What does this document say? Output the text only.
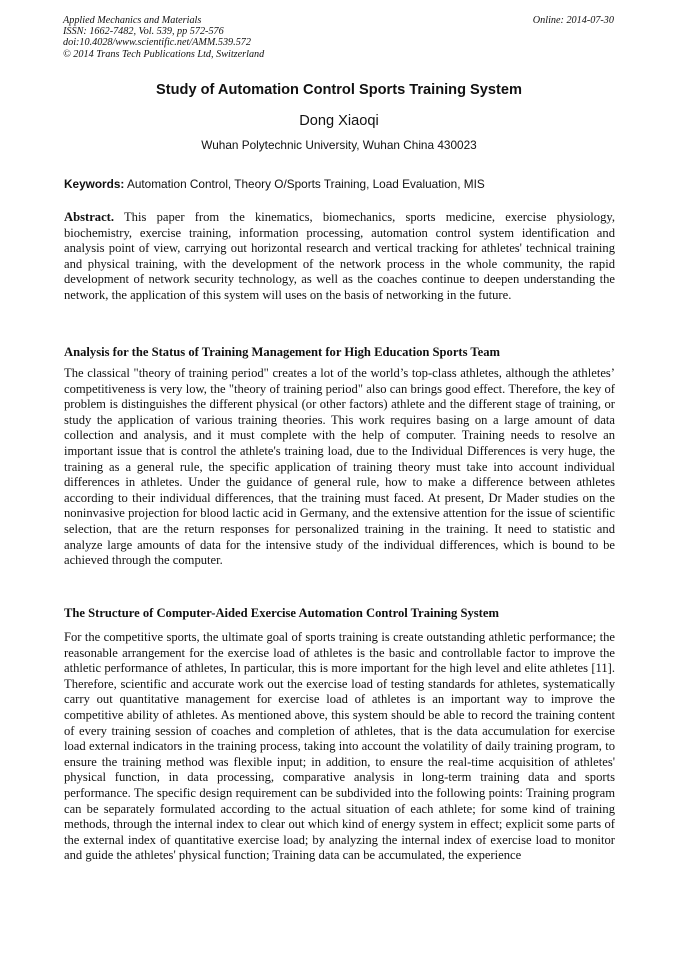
Applied Mechanics and Materials
ISSN: 1662-7482, Vol. 539, pp 572-576
doi:10.4028/www.scientific.net/AMM.539.572
© 2014 Trans Tech Publications Ltd, Switzerland
Online: 2014-07-30
Study of Automation Control Sports Training System
Dong Xiaoqi
Wuhan Polytechnic University, Wuhan China 430023
Keywords: Automation Control, Theory O/Sports Training, Load Evaluation, MIS

Abstract. This paper from the kinematics, biomechanics, sports medicine, exercise physiology, biochemistry, exercise training, information processing, automation control system identification and analysis point of view, carrying out horizontal research and vertical tracking for athletes' technical training and physical training, with the development of the network process in the whole community, the rapid development of network security technology, as well as the coaches continue to deepen understanding the network, the application of this system will uses on the basis of networking in the future.

Analysis for the Status of Training Management for High Education Sports Team

The classical "theory of training period" creates a lot of the world’s top-class athletes, although the athletes’ competitiveness is very low, the "theory of training period" also can brings good effect. Therefore, the key of problem is distinguishes the different physical (or other factors) athlete and the different stage of training, or study the application of various training theories. This work requires basing on a large amount of data collection and analysis, and it must complete with the help of computer. Training needs to resolve an important issue that is control the athlete's training load, due to the Individual Differences is very huge, the training as a general rule, the specific application of training theory must take into account individual differences in athletes. Under the guidance of general rule, how to make a difference between athletes according to their individual differences, that the training must faced. At present, Dr Mader studies on the noninvasive projection for blood lactic acid in Germany, and the extensive attention for the issue of scientific selection, that are the return responses for personalized training in the training. It need to statistic and analyze large amounts of data for the intensive study of the individual differences, which is bound to be achieved through the computer.

The Structure of Computer-Aided Exercise Automation Control Training System

For the competitive sports, the ultimate goal of sports training is create outstanding athletic performance; the reasonable arrangement for the exercise load of athletes is the basic and controllable factor to improve the athletic performance of athletes, In particular, this is more important for the high level and elite athletes [11]. Therefore, scientific and accurate work out the exercise load of testing standards for athletes, systematically carry out quantitative management for exercise load of athletes is an important way to improve the competitive ability of athletes. As mentioned above, this system should be able to record the training content of every training session of coaches and completion of athletes, that is the data accumulation for exercise load external indicators in the training process, taking into account the volatility of daily training program, to ensure the training method was flexible input; in addition, to ensure the real-time acquisition of athletes' physical function, in data processing, comparative analysis in long-term training data and sports performance. The specific design requirement can be subdivided into the following points: Training program can be separately formulated according to the actual situation of each athlete; for some kind of training methods, through the internal index to clear out which kind of energy system in effect; explicit some parts of the external index of quantitative exercise load; by analyzing the internal index of exercise load to monitor and guide the athletes' physical function; Training data can be accumulated, the experience
